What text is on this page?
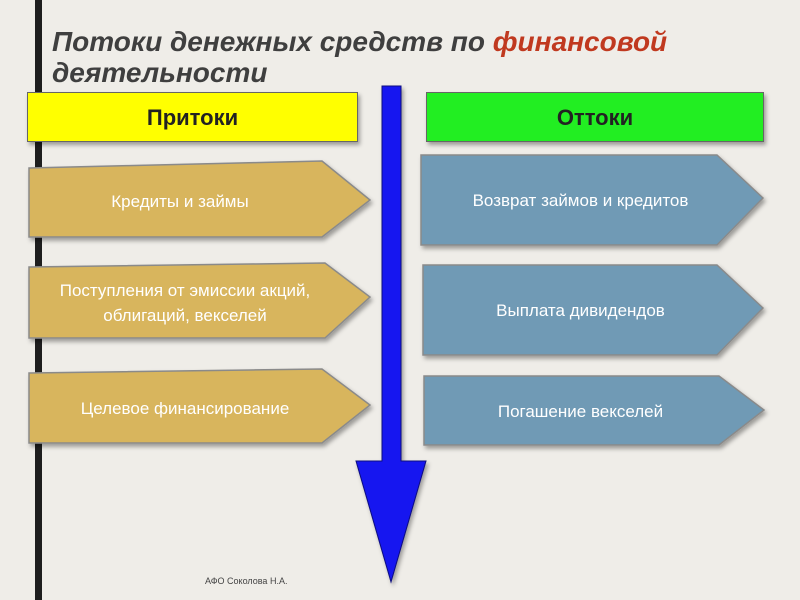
Потоки денежных средств по финансовой деятельности
Притоки	Оттоки
Кредиты и займы
Поступления от эмиссии акций, облигаций, векселей
Целевое финансирование
Возврат займов и кредитов
Выплата дивидендов
Погашение векселей
АФО Соколова Н.А.
